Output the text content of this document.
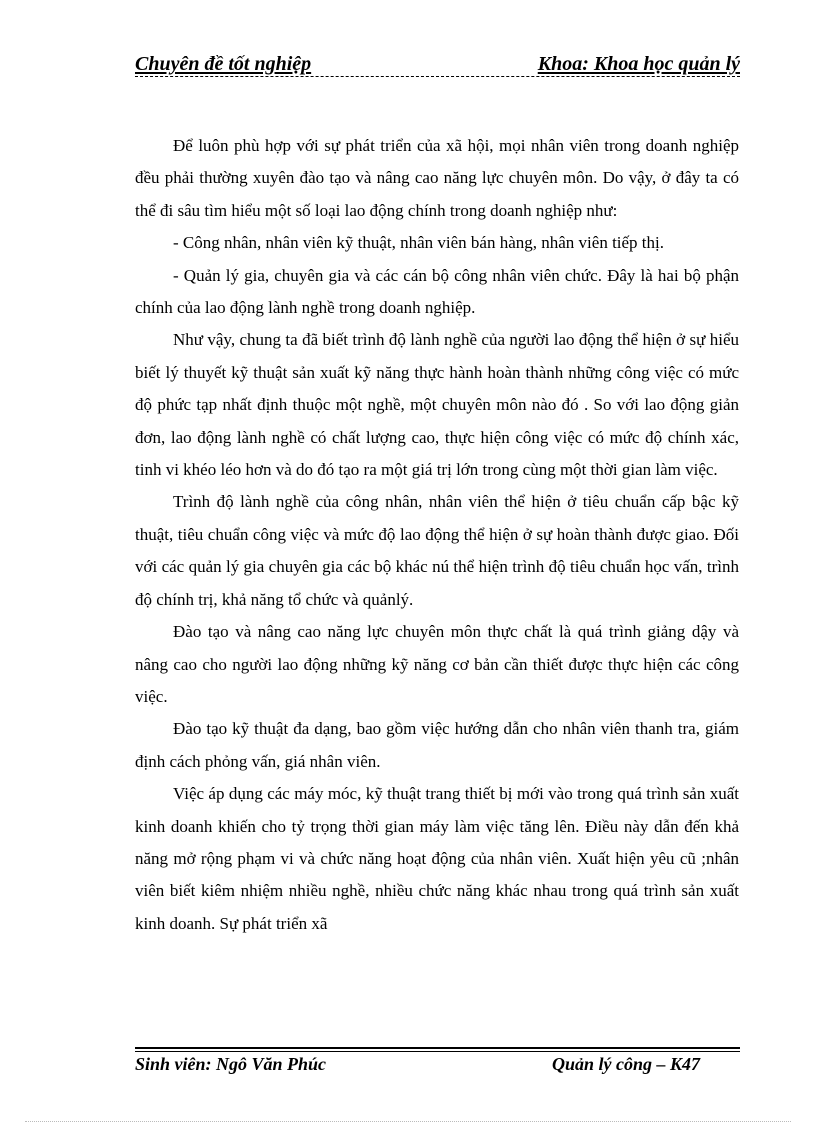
Chuyên đề tốt nghiệp	Khoa: Khoa học quản lý

Để luôn phù hợp với sự phát triển của xã hội, mọi nhân viên trong doanh nghiệp đều phải thường xuyên đào tạo và nâng cao năng lực chuyên môn. Do vậy, ở đây ta có thể đi sâu tìm hiểu một số loại lao động chính trong doanh nghiệp như:

- Công nhân, nhân viên kỹ thuật, nhân viên bán hàng, nhân viên tiếp thị.

- Quản lý gia, chuyên gia và các cán bộ công nhân viên chức. Đây là hai bộ phận chính của lao động lành nghề trong doanh nghiệp.

Như vậy, chung ta đã biết trình độ lành nghề của người lao động thể hiện ở sự hiểu biết lý thuyết kỹ thuật sản xuất kỹ năng thực hành hoàn thành những công việc có mức độ phức tạp nhất định thuộc một nghề, một chuyên môn nào đó . So với lao động giản đơn, lao động lành nghề có chất lượng cao, thực hiện công việc có mức độ chính xác, tinh vi khéo léo hơn và do đó tạo ra một giá trị lớn trong cùng một thời gian làm việc.

Trình độ lành nghề của công nhân, nhân viên thể hiện ở tiêu chuẩn cấp bậc kỹ thuật, tiêu chuẩn công việc và mức độ lao động thể hiện ở sự hoàn thành được giao. Đối với các quản lý gia chuyên gia các bộ khác nú thể hiện trình độ tiêu chuẩn học vấn, trình độ chính trị, khả năng tổ chức và quảnlý.

Đào tạo và nâng cao năng lực chuyên môn thực chất là quá trình giảng dậy và nâng cao cho người lao động những kỹ năng cơ bản cần thiết được thực hiện các công việc.

Đào tạo kỹ thuật đa dạng, bao gồm việc hướng dẫn cho nhân viên thanh tra, giám định cách phỏng vấn, giá nhân viên.

Việc áp dụng các máy móc, kỹ thuật trang thiết bị mới vào trong quá trình sản xuất kinh doanh khiến cho tỷ trọng thời gian máy làm việc tăng lên. Điều này dẫn đến khả năng mở rộng phạm vi và chức năng hoạt động của nhân viên. Xuất hiện yêu cũ ;nhân viên biết kiêm nhiệm nhiều nghề, nhiều chức năng khác nhau trong quá trình sản xuất kinh doanh. Sự phát triển xã

Sinh viên: Ngô Văn Phúc	Quản lý công – K47
